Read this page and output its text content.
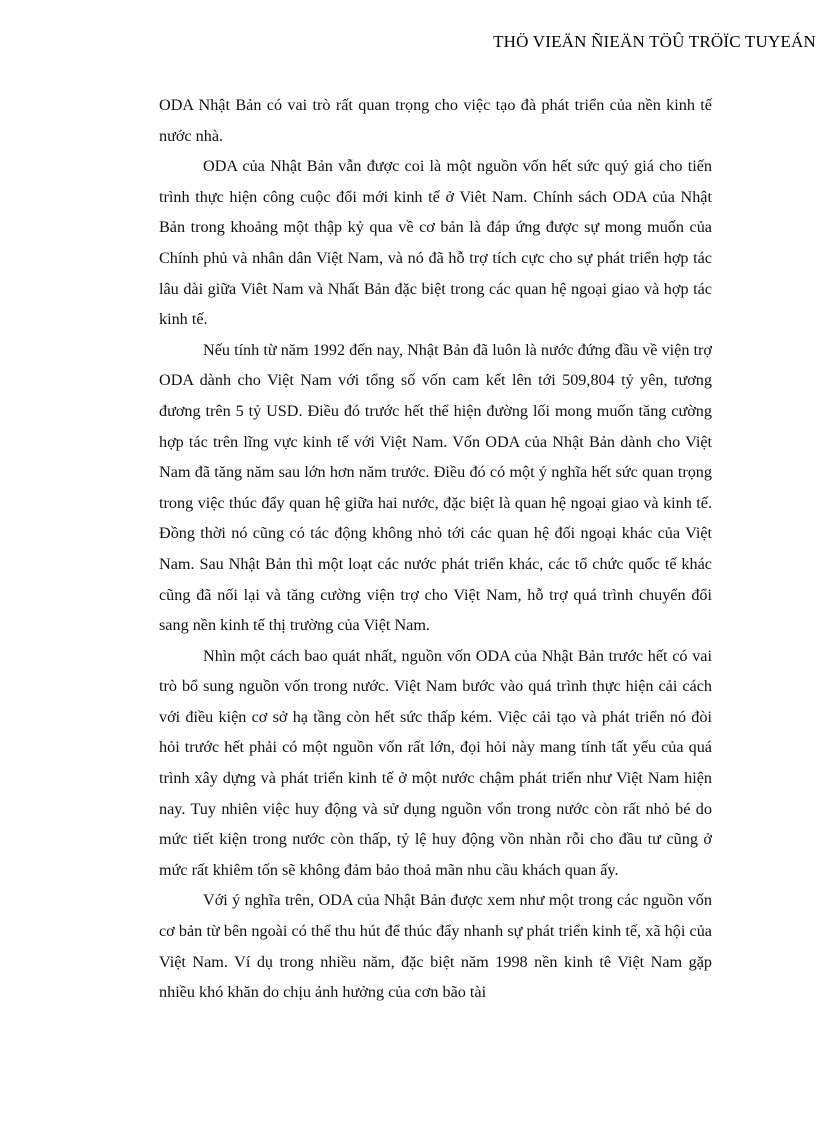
THÖ VIEÄN ÑIEÄN TÖÛ TRÖÏC TUYEÁN

ODA Nhật Bản có vai trò rất quan trọng cho việc tạo đà phát triển của nền kinh tế nước nhà.

ODA của Nhật Bản vẫn được coi là một nguồn vốn hết sức quý giá cho tiến trình thực hiện công cuộc đổi mới kinh tế ở Viêt Nam. Chính sách ODA của Nhật Bản trong khoảng một thập kỷ qua về cơ bản là đáp ứng được sự mong muốn của Chính phủ và nhân dân Việt Nam, và nó đã hỗ trợ tích cực cho sự phát triển hợp tác lâu dài giữa Viêt Nam và Nhất Bản đặc biệt trong các quan hệ ngoại giao và hợp tác kinh tế.

Nếu tính từ năm 1992 đến nay, Nhật Bản đã luôn là nước đứng đầu về viện trợ ODA dành cho Việt Nam với tổng số vốn cam kết lên tới 509,804 tỷ yên, tương đương trên 5 tỷ USD. Điều đó trước hết thể hiện đường lối mong muốn tăng cường hợp tác trên lĩng vực kinh tế với Việt Nam. Vốn ODA của Nhật Bản dành cho Việt Nam đã tăng năm sau lớn hơn năm trước. Điều đó có một ý nghĩa hết sức quan trọng trong việc thúc đẩy quan hệ giữa hai nước, đặc biệt là quan hệ ngoại giao và kinh tế. Đồng thời nó cũng có tác động không nhỏ tới các quan hệ đối ngoại khác của Việt Nam. Sau Nhật Bản thì một loạt các nước phát triển khác, các tổ chức quốc tế khác cũng đã nối lại và tăng cường viện trợ cho Việt Nam, hỗ trợ quá trình chuyển đổi sang nền kinh tế thị trường của Việt Nam.

Nhìn một cách bao quát nhất, nguồn vốn ODA của Nhật Bản trước hết có vai trò bổ sung nguồn vốn trong nước. Việt Nam bước vào quá trình thực hiện cải cách với điều kiện cơ sở hạ tầng còn hết sức thấp kém. Việc cải tạo và phát triển nó đòi hỏi trước hết phải có một nguồn vốn rất lớn, đọi hỏi này mang tính tất yếu của quá trình xây dựng và phát triển kinh tế ở một nước chậm phát triển như Việt Nam hiện nay. Tuy nhiên việc huy động và sử dụng nguồn vốn trong nước còn rất nhỏ bé do mức tiết kiện trong nước còn thấp, tỷ lệ huy động vồn nhàn rỗi cho đầu tư cũng ở mức rất khiêm tốn sẽ không đảm bảo thoả mãn nhu cầu khách quan ấy.

Với ý nghĩa trên, ODA của Nhật Bản được xem như một trong các nguồn vốn cơ bản từ bên ngoài có thể thu hút để thúc đẩy nhanh sự phát triển kinh tế, xã hội của Việt Nam. Ví dụ trong nhiều năm, đặc biệt năm 1998 nền kinh tê Việt Nam gặp nhiều khó khăn do chịu ảnh hưởng của cơn bão tài
